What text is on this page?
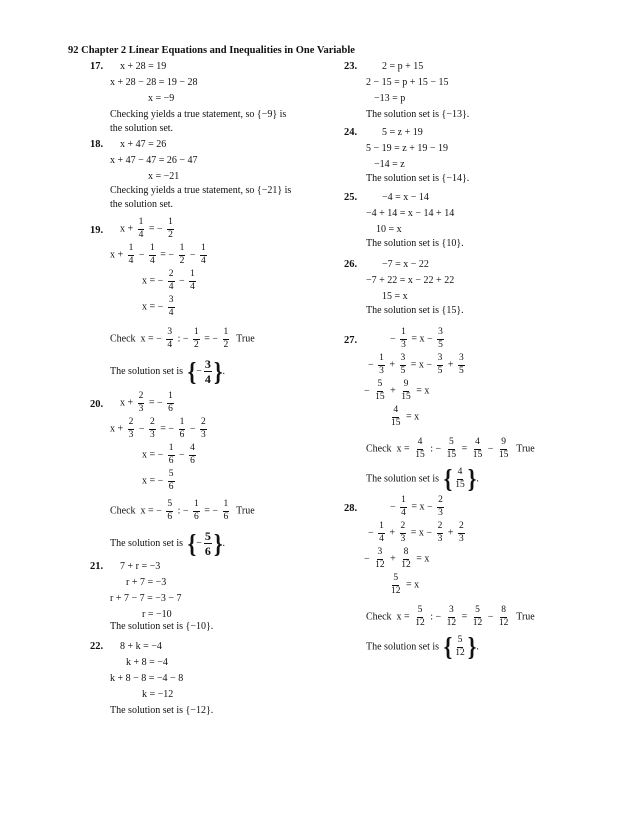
92 Chapter 2 Linear Equations and Inequalities in One Variable
17. x + 28 = 19
x + 28 − 28 = 19 − 28
x = −9
Checking yields a true statement, so {−9} is
the solution set.
18. x + 47 = 26
x + 47 − 47 = 26 − 47
x = −21
Checking yields a true statement, so {−21} is
the solution set.
19. $x + \frac{1}{4}$ = − $\frac{1}{2}$
$x + \frac{1}{4} - \frac{1}{4}$ = − $\frac{1}{2} - \frac{1}{4}$
x = − $\frac{2}{4} - \frac{1}{4}$
x = − $\frac{3}{4}$
Check  x = − $\frac{3}{4}$ : − $\frac{1}{2}$ = − $\frac{1}{2}$ True
The solution set is { − $\frac{3}{4}$ } .
20. $x + \frac{2}{3}$ = − $\frac{1}{6}$
$x + \frac{2}{3} - \frac{2}{3}$ = − $\frac{1}{6} - \frac{2}{3}$
x = − $\frac{1}{6} - \frac{4}{6}$
x = − $\frac{5}{6}$
Check  x = − $\frac{5}{6}$ : − $\frac{1}{6}$ = − $\frac{1}{6}$ True
The solution set is { − $\frac{5}{6}$ } .
21. 7 + r = −3
r + 7 = −3
r + 7 − 7 = −3 − 7
r = −10
The solution set is {−10}.
22. 8 + k = −4
k + 8 = −4
k + 8 − 8 = −4 − 8
k = −12
The solution set is {−12}.
23. 2 = p + 15
2 − 15 = p + 15 − 15
−13 = p
The solution set is {−13}.
24. 5 = z + 19
5 − 19 = z + 19 − 19
−14 = z
The solution set is {−14}.
25. −4 = x − 14
−4 + 14 = x − 14 + 14
10 = x
The solution set is {10}.
26. −7 = x − 22
−7 + 22 = x − 22 + 22
15 = x
The solution set is {15}.
27.	− $\frac{1}{3} = x - \frac{3}{5}$
− $\frac{1}{3} + \frac{3}{5} = x - \frac{3}{5} + \frac{3}{5}$
− $\frac{5}{15} + \frac{9}{15} = x$
$\frac{4}{15} = x$
Check  $x = \frac{4}{15}$ : − $\frac{5}{15} = \frac{4}{15} - \frac{9}{15}$ True
The solution set is { $\frac{4}{15}$ } .
28.	− $\frac{1}{4} = x - \frac{2}{3}$
− $\frac{1}{4} + \frac{2}{3} = x - \frac{2}{3} + \frac{2}{3}$
− $\frac{3}{12} + \frac{8}{12} = x$
$\frac{5}{12} = x$
Check  $x = \frac{5}{12}$ : − $\frac{3}{12} = \frac{5}{12} - \frac{8}{12}$ True
The solution set is { $\frac{5}{12}$ } .
